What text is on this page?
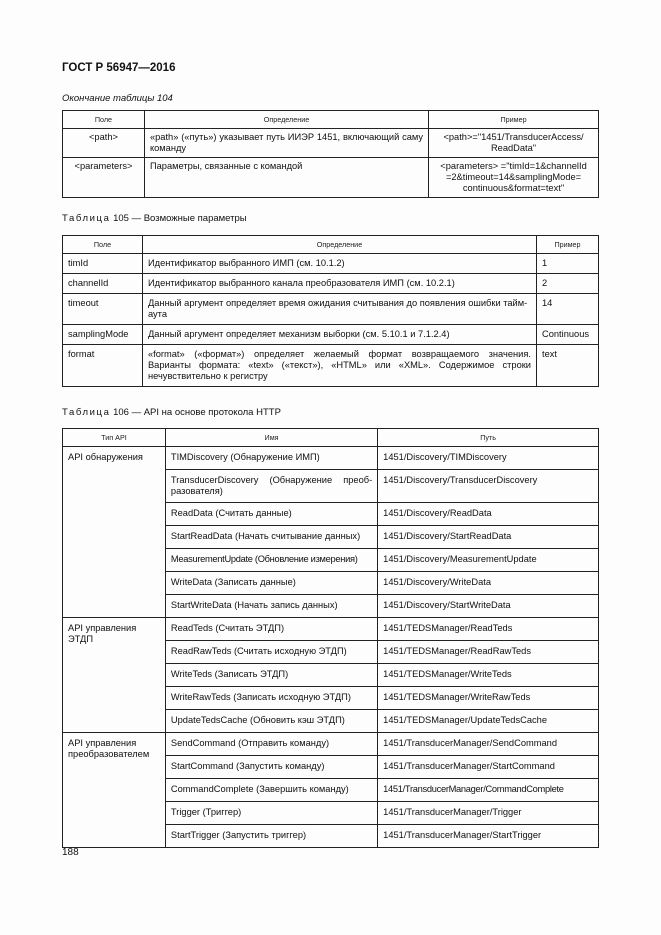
ГОСТ Р 56947—2016
Окончание таблицы 104
Поле	Определение	Пример
<path>	«path» («путь») указывает путь ИИЭР 1451, включающий саму команду	<path>="1451/TransducerAccess/ ReadData"
<parameters>	Параметры, связанные с командой	<parameters> ="timId=1&channelId =2&timeout=14&samplingMode= continuous&format=text"
Таблица 105 — Возможные параметры
Поле	Определение	Пример
timId	Идентификатор выбранного ИМП (см. 10.1.2)	1
channelId	Идентификатор выбранного канала преобразователя ИМП (см. 10.2.1)	2
timeout	Данный аргумент определяет время ожидания считывания до появления ошибки тайм-аута	14
samplingMode	Данный аргумент определяет механизм выборки (см. 5.10.1 и 7.1.2.4)	Continuous
format	«format» («формат») определяет желаемый формат возвращаемого значения. Варианты формата: «text» («текст»), «HTML» или «XML». Содержимое строки нечувствительно к регистру	text
Таблица 106 — API на основе протокола HTTP
Тип API	Имя	Путь
API обнаружения	TIMDiscovery (Обнаружение ИМП)	1451/Discovery/TIMDiscovery
	TransducerDiscovery (Обнаружение преоб-разователя)	1451/Discovery/TransducerDiscovery
	ReadData (Считать данные)	1451/Discovery/ReadData
	StartReadData (Начать считывание данных)	1451/Discovery/StartReadData
	MeasurementUpdate (Обновление измерения)	1451/Discovery/MeasurementUpdate
	WriteData (Записать данные)	1451/Discovery/WriteData
	StartWriteData (Начать запись данных)	1451/Discovery/StartWriteData
API управления ЭТДП	ReadTeds (Считать ЭТДП)	1451/TEDSManager/ReadTeds
	ReadRawTeds (Считать исходную ЭТДП)	1451/TEDSManager/ReadRawTeds
	WriteTeds (Записать ЭТДП)	1451/TEDSManager/WriteTeds
	WriteRawTeds (Записать исходную ЭТДП)	1451/TEDSManager/WriteRawTeds
	UpdateTedsCache (Обновить кэш ЭТДП)	1451/TEDSManager/UpdateTedsCache
API управления преобразователем	SendCommand (Отправить команду)	1451/TransducerManager/SendCommand
	StartCommand (Запустить команду)	1451/TransducerManager/StartCommand
	CommandComplete (Завершить команду)	1451/TransducerManager/CommandComplete
	Trigger (Триггер)	1451/TransducerManager/Trigger
	StartTrigger (Запустить триггер)	1451/TransducerManager/StartTrigger
188
